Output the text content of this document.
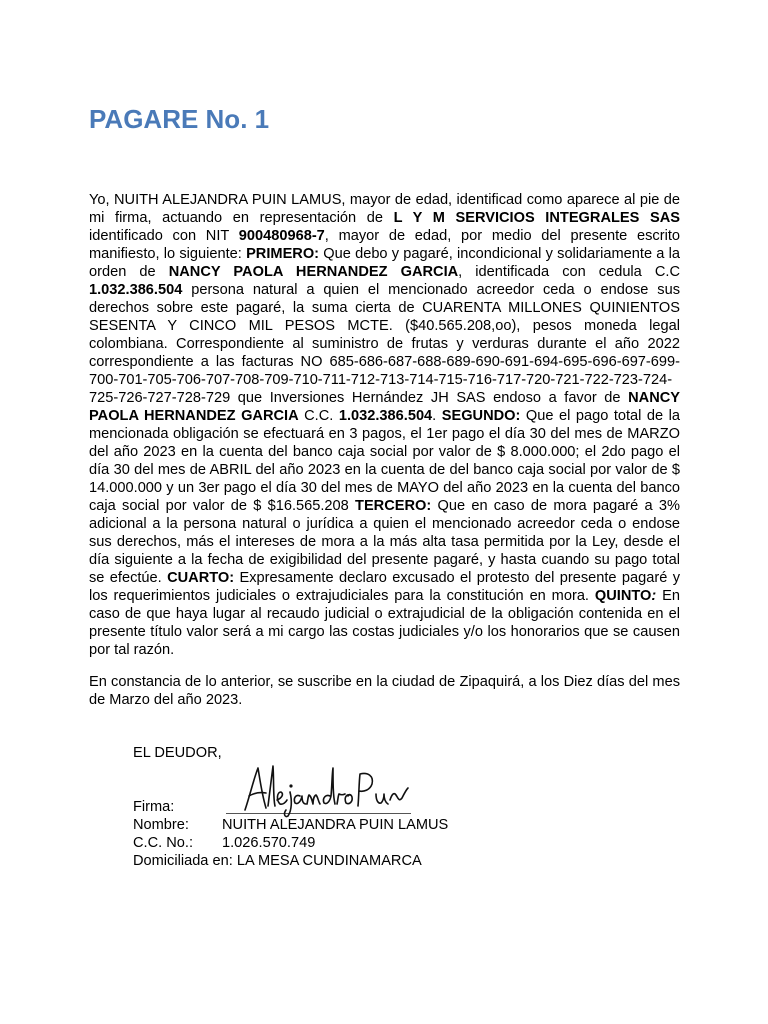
PAGARE No. 1

Yo, NUITH ALEJANDRA PUIN LAMUS, mayor de edad, identificad como aparece al pie de mi firma, actuando en representación de L Y M SERVICIOS INTEGRALES SAS identificado con NIT 900480968-7, mayor de edad, por medio del presente escrito manifiesto, lo siguiente: PRIMERO: Que debo y pagaré, incondicional y solidariamente a la orden de NANCY PAOLA HERNANDEZ GARCIA, identificada con cedula C.C 1.032.386.504 persona natural a quien el mencionado acreedor ceda o endose sus derechos sobre este pagaré, la suma cierta de CUARENTA MILLONES QUINIENTOS SESENTA Y CINCO MIL PESOS MCTE. ($40.565.208,oo), pesos moneda legal colombiana. Correspondiente al suministro de frutas y verduras durante el año 2022 correspondiente a las facturas NO 685-686-687-688-689-690-691-694-695-696-697-699-700-701-705-706-707-708-709-710-711-712-713-714-715-716-717-720-721-722-723-724-725-726-727-728-729 que Inversiones Hernández JH SAS endoso a favor de NANCY PAOLA HERNANDEZ GARCIA C.C. 1.032.386.504. SEGUNDO: Que el pago total de la mencionada obligación se efectuará en 3 pagos, el 1er pago el día 30 del mes de MARZO del año 2023 en la cuenta del banco caja social por valor de $ 8.000.000; el 2do pago el día 30 del mes de ABRIL del año 2023 en la cuenta de del banco caja social por valor de $ 14.000.000 y un 3er pago el día 30 del mes de MAYO del año 2023 en la cuenta del banco caja social por valor de $ $16.565.208 TERCERO: Que en caso de mora pagaré a 3% adicional a la persona natural o jurídica a quien el mencionado acreedor ceda o endose sus derechos, más el intereses de mora a la más alta tasa permitida por la Ley, desde el día siguiente a la fecha de exigibilidad del presente pagaré, y hasta cuando su pago total se efectúe. CUARTO: Expresamente declaro excusado el protesto del presente pagaré y los requerimientos judiciales o extrajudiciales para la constitución en mora. QUINTO: En caso de que haya lugar al recaudo judicial o extrajudicial de la obligación contenida en el presente título valor será a mi cargo las costas judiciales y/o los honorarios que se causen por tal razón.

En constancia de lo anterior, se suscribe en la ciudad de Zipaquirá, a los Diez días del mes de Marzo del año 2023.

EL DEUDOR,
Firma:
Nombre:	NUITH ALEJANDRA PUIN LAMUS
C.C. No.:	1.026.570.749
Domiciliada en:
LA MESA CUNDINAMARCA
